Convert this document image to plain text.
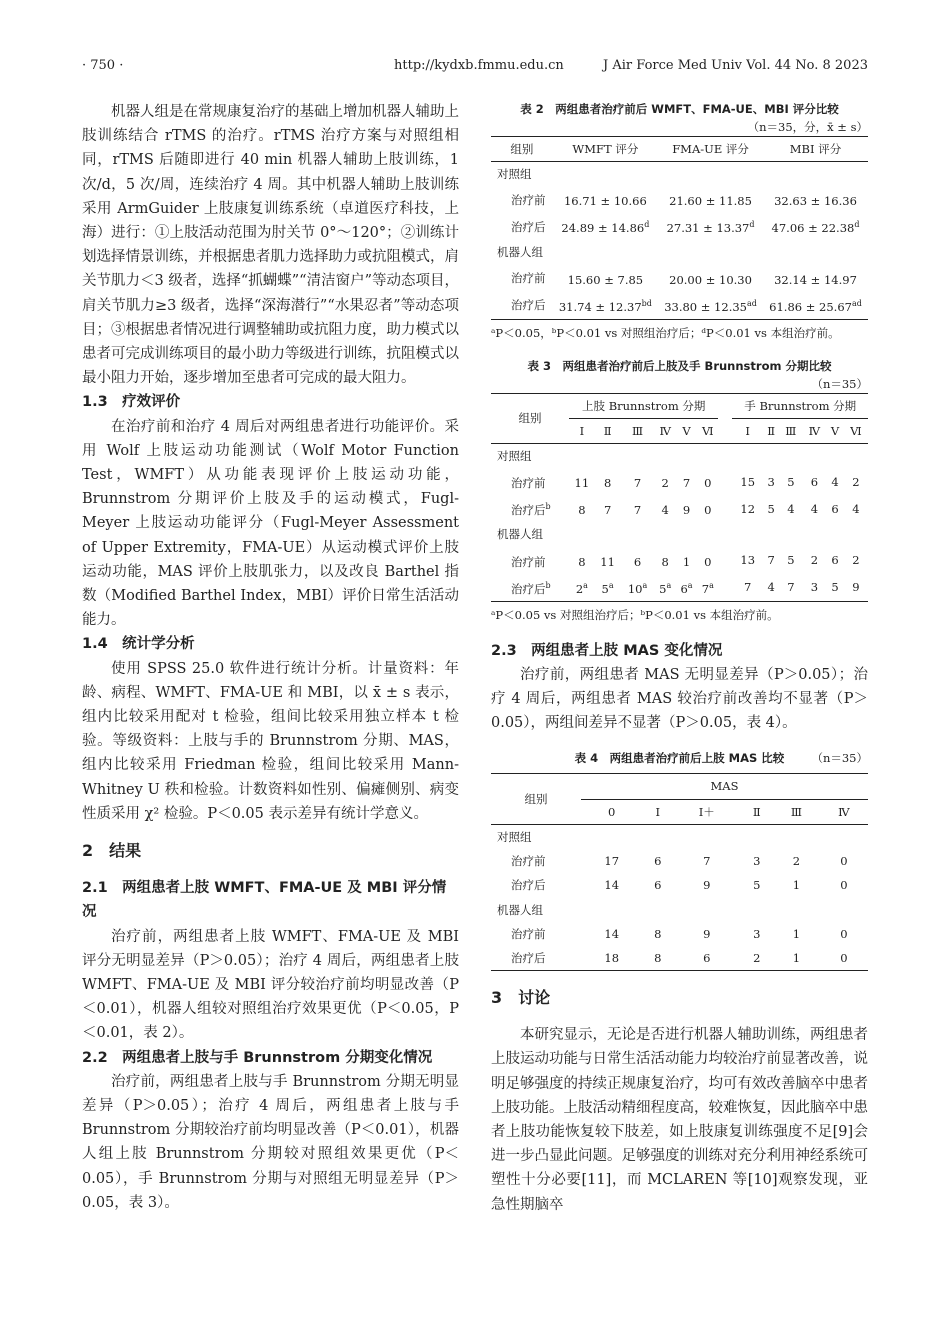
· 750 ·	http://kydxb.fmmu.edu.cn	J Air Force Med Univ Vol. 44 No. 8 2023

机器人组是在常规康复治疗的基础上增加机器人辅助上肢训练结合 rTMS 的治疗。rTMS 治疗方案与对照组相同，rTMS 后随即进行 40 min 机器人辅助上肢训练，1 次/d，5 次/周，连续治疗 4 周。其中机器人辅助上肢训练采用 ArmGuider 上肢康复训练系统（卓道医疗科技，上海）进行：①上肢活动范围为肘关节 0°～120°；②训练计划选择情景训练，并根据患者肌力选择助力或抗阻模式，肩关节肌力＜3 级者，选择“抓蝴蝶”“清洁窗户”等动态项目，肩关节肌力≥3 级者，选择“深海潜行”“水果忍者”等动态项目；③根据患者情况进行调整辅助或抗阻力度，助力模式以患者可完成训练项目的最小助力等级进行训练，抗阻模式以最小阻力开始，逐步增加至患者可完成的最大阻力。

1.3　疗效评价

在治疗前和治疗 4 周后对两组患者进行功能评价。采用 Wolf 上肢运动功能测试（Wolf Motor Function Test，WMFT）从功能表现评价上肢运动功能，Brunnstrom 分期评价上肢及手的运动模式，Fugl-Meyer 上肢运动功能评分（Fugl-Meyer Assessment of Upper Extremity，FMA-UE）从运动模式评价上肢运动功能，MAS 评价上肢肌张力，以及改良 Barthel 指数（Modified Barthel Index，MBI）评价日常生活活动能力。

1.4　统计学分析

使用 SPSS 25.0 软件进行统计分析。计量资料：年龄、病程、WMFT、FMA-UE 和 MBI，以 x̄ ± s 表示，组内比较采用配对 t 检验，组间比较采用独立样本 t 检验。等级资料：上肢与手的 Brunnstrom 分期、MAS，组内比较采用 Friedman 检验，组间比较采用 Mann-Whitney U 秩和检验。计数资料如性别、偏瘫侧别、病变性质采用 χ² 检验。P＜0.05 表示差异有统计学意义。

2　结果
2.1　两组患者上肢 WMFT、FMA-UE 及 MBI 评分情况

治疗前，两组患者上肢 WMFT、FMA-UE 及 MBI 评分无明显差异（P＞0.05）；治疗 4 周后，两组患者上肢 WMFT、FMA-UE 及 MBI 评分较治疗前均明显改善（P＜0.01），机器人组较对照组治疗效果更优（P＜0.05，P＜0.01，表 2）。

2.2　两组患者上肢与手 Brunnstrom 分期变化情况

治疗前，两组患者上肢与手 Brunnstrom 分期无明显差异（P＞0.05）；治疗 4 周后，两组患者上肢与手 Brunnstrom 分期较治疗前均明显改善（P＜0.01），机器人组上肢 Brunnstrom 分期较对照组效果更优（P＜0.05），手 Brunnstrom 分期与对照组无明显差异（P＞0.05，表 3）。

表 2　两组患者治疗前后 WMFT、FMA-UE、MBI 评分比较
（n＝35，分，x̄ ± s）
组别	WMFT 评分	FMA-UE 评分	MBI 评分
对照组			
治疗前	16.71 ± 10.66	21.60 ± 11.85	32.63 ± 16.36
治疗后	24.89 ± 14.86$^d$	27.31 ± 13.37$^d$	47.06 ± 22.38$^d$
机器人组			
治疗前	15.60 ± 7.85	20.00 ± 10.30	32.14 ± 14.97
治疗后	31.74 ± 12.37$^{bd}$	33.80 ± 12.35$^{ad}$	61.86 ± 25.67$^{ad}$
ᵃP＜0.05，ᵇP＜0.01 vs 对照组治疗后；ᵈP＜0.01 vs 本组治疗前。
表 3　两组患者治疗前后上肢及手 Brunnstrom 分期比较
（n＝35）
组别	上肢 Brunnstrom 分期							手 Brunnstrom 分期					
	Ⅰ	Ⅱ	Ⅲ	Ⅳ	Ⅴ	Ⅵ		Ⅰ	Ⅱ	Ⅲ	Ⅳ	Ⅴ	Ⅵ
对照组													
治疗前	11	8	7	2	7	0		15	3	5	6	4	2
治疗后$^b$	8	7	7	4	9	0		12	5	4	4	6	4
机器人组													
治疗前	8	11	6	8	1	0		13	7	5	2	6	2
治疗后$^b$	2$^a$	5$^a$	10$^a$	5$^a$	6$^a$	7$^a$		7	4	7	3	5	9
ᵃP＜0.05 vs 对照组治疗后；ᵇP＜0.01 vs 本组治疗前。
2.3　两组患者上肢 MAS 变化情况

治疗前，两组患者 MAS 无明显差异（P＞0.05）；治疗 4 周后，两组患者 MAS 较治疗前改善均不显著（P＞0.05），两组间差异不显著（P＞0.05，表 4）。

表 4　两组患者治疗前后上肢 MAS 比较	（n＝35）
组别	MAS					
	0	Ⅰ	Ⅰ＋	Ⅱ	Ⅲ	Ⅳ
对照组						
治疗前	17	6	7	3	2	0
治疗后	14	6	9	5	1	0
机器人组						
治疗前	14	8	9	3	1	0
治疗后	18	8	6	2	1	0
3　讨论

本研究显示，无论是否进行机器人辅助训练，两组患者上肢运动功能与日常生活活动能力均较治疗前显著改善，说明足够强度的持续正规康复治疗，均可有效改善脑卒中患者上肢功能。上肢活动精细程度高，较难恢复，因此脑卒中患者上肢功能恢复较下肢差，如上肢康复训练强度不足[9]会进一步凸显此问题。足够强度的训练对充分利用神经系统可塑性十分必要[11]，而 MCLAREN 等[10]观察发现，亚急性期脑卒
